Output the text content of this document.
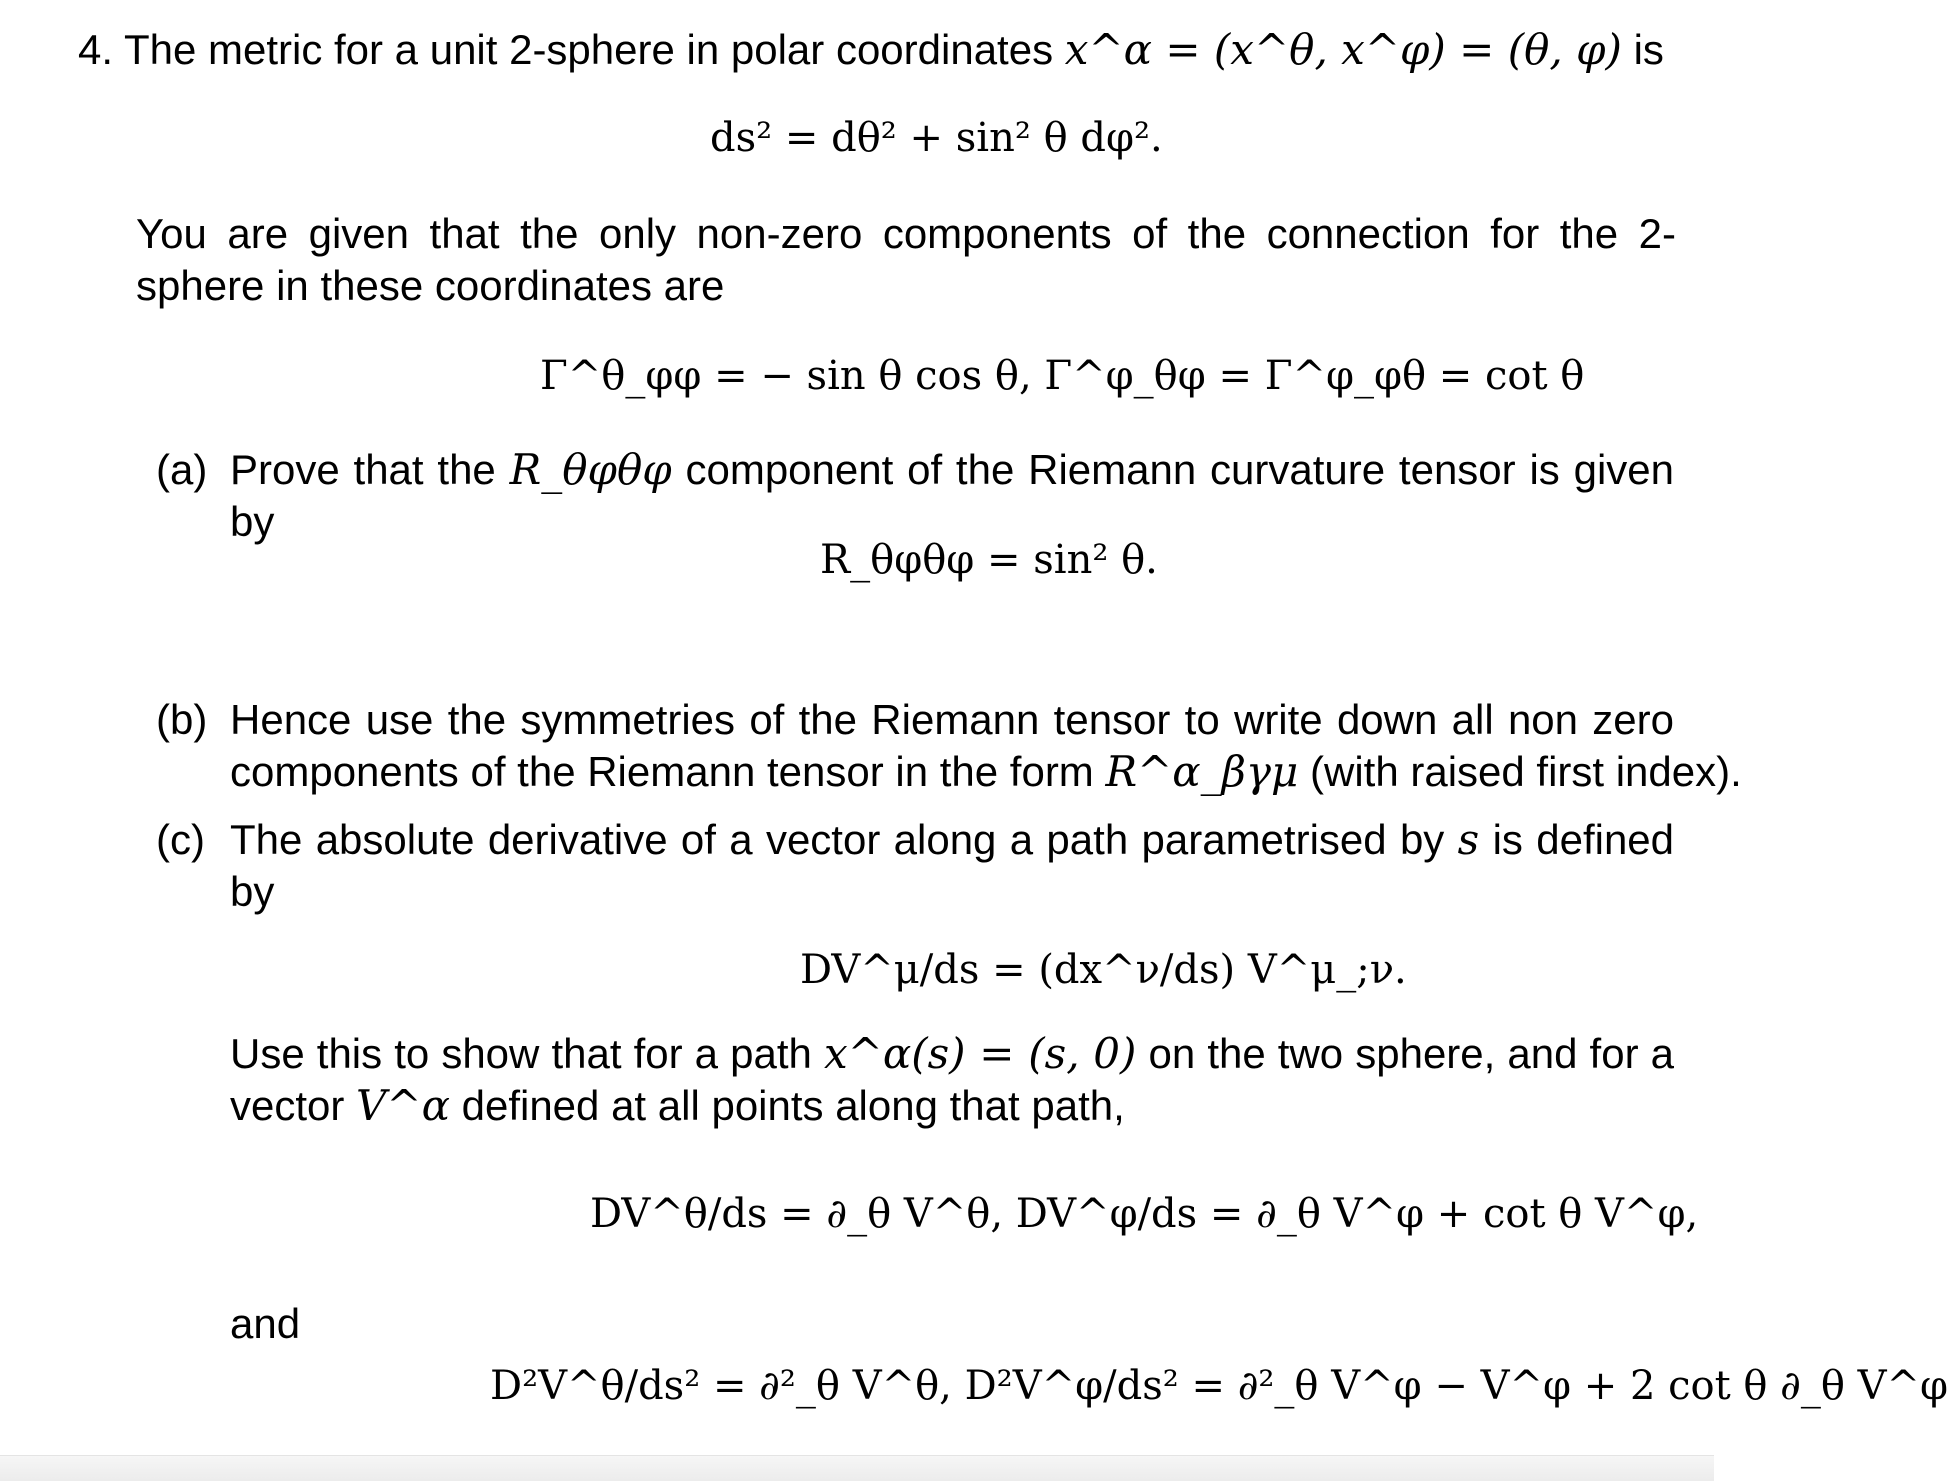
4. The metric for a unit 2-sphere in polar coordinates x^α = (x^θ, x^φ) = (θ, φ) is
ds² = dθ² + sin² θ dφ².
You are given that the only non-zero components of the connection for the 2-
sphere in these coordinates are
Γ^θ_φφ = − sin θ cos θ, Γ^φ_θφ = Γ^φ_φθ = cot θ
(a) Prove that the R_θφθφ component of the Riemann curvature tensor is given by
R_θφθφ = sin² θ.
(b) Hence use the symmetries of the Riemann tensor to write down all non zero
components of the Riemann tensor in the form R^α_βγμ (with raised first index).
(c) The absolute derivative of a vector along a path parametrised by s is defined
by
DV^μ/ds = (dx^ν/ds) V^μ_;ν.
Use this to show that for a path x^α(s) = (s, 0) on the two sphere, and for a
vector V^α defined at all points along that path,
DV^θ/ds = ∂_θ V^θ, DV^φ/ds = ∂_θ V^φ + cot θ V^φ,
and
D²V^θ/ds² = ∂²_θ V^θ, D²V^φ/ds² = ∂²_θ V^φ − V^φ + 2 cot θ ∂_θ V^φ
